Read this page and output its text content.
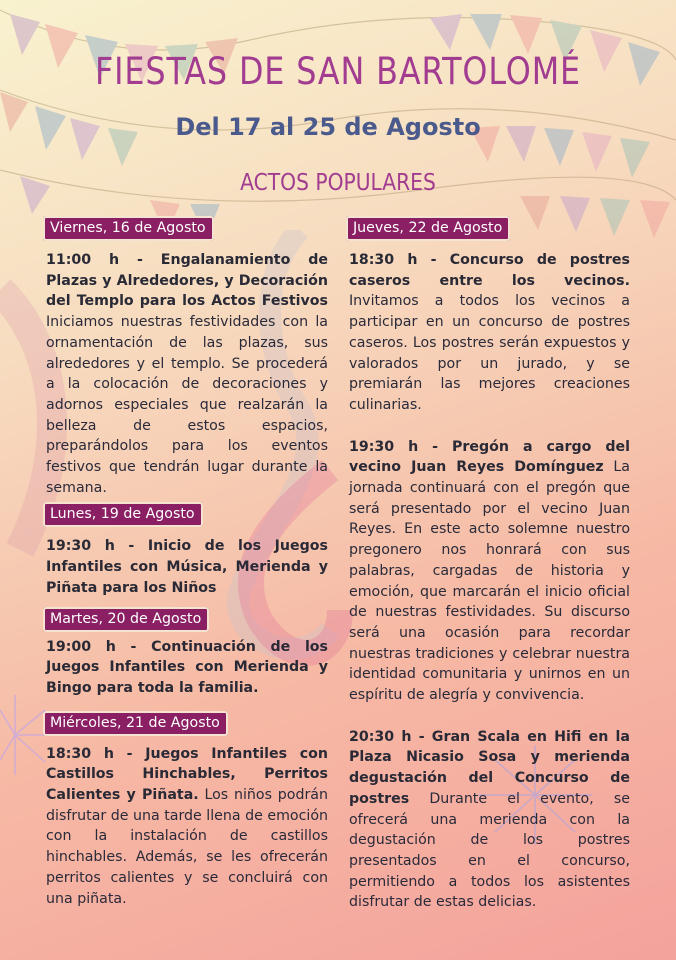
FIESTAS DE SAN BARTOLOMÉ
Del 17 al 25 de Agosto
ACTOS POPULARES
Viernes, 16 de Agosto

11:00 h - Engalanamiento de Plazas y Alrededores, y Decoración del Templo para los Actos Festivos Iniciamos nuestras festividades con la ornamentación de las plazas, sus alrededores y el templo. Se procederá a la colocación de decoraciones y adornos especiales que realzarán la belleza de estos espacios, preparándolos para los eventos festivos que tendrán lugar durante la semana.

Lunes, 19 de Agosto

19:30 h - Inicio de los Juegos Infantiles con Música, Merienda y Piñata para los Niños

Martes, 20 de Agosto

19:00 h - Continuación de los Juegos Infantiles con Merienda y Bingo para toda la familia.

Miércoles, 21 de Agosto

18:30 h - Juegos Infantiles con Castillos Hinchables, Perritos Calientes y Piñata. Los niños podrán disfrutar de una tarde llena de emoción con la instalación de castillos hinchables. Además, se les ofrecerán perritos calientes y se concluirá con una piñata.

Jueves, 22 de Agosto

18:30 h - Concurso de postres caseros entre los vecinos. Invitamos a todos los vecinos a participar en un concurso de postres caseros. Los postres serán expuestos y valorados por un jurado, y se premiarán las mejores creaciones culinarias.

19:30 h - Pregón a cargo del vecino Juan Reyes Domínguez La jornada continuará con el pregón que será presentado por el vecino Juan Reyes. En este acto solemne nuestro pregonero nos honrará con sus palabras, cargadas de historia y emoción, que marcarán el inicio oficial de nuestras festividades. Su discurso será una ocasión para recordar nuestras tradiciones y celebrar nuestra identidad comunitaria y unirnos en un espíritu de alegría y convivencia.

20:30 h - Gran Scala en Hifi en la Plaza Nicasio Sosa y merienda degustación del Concurso de postres Durante el evento, se ofrecerá una merienda con la degustación de los postres presentados en el concurso, permitiendo a todos los asistentes disfrutar de estas delicias.
